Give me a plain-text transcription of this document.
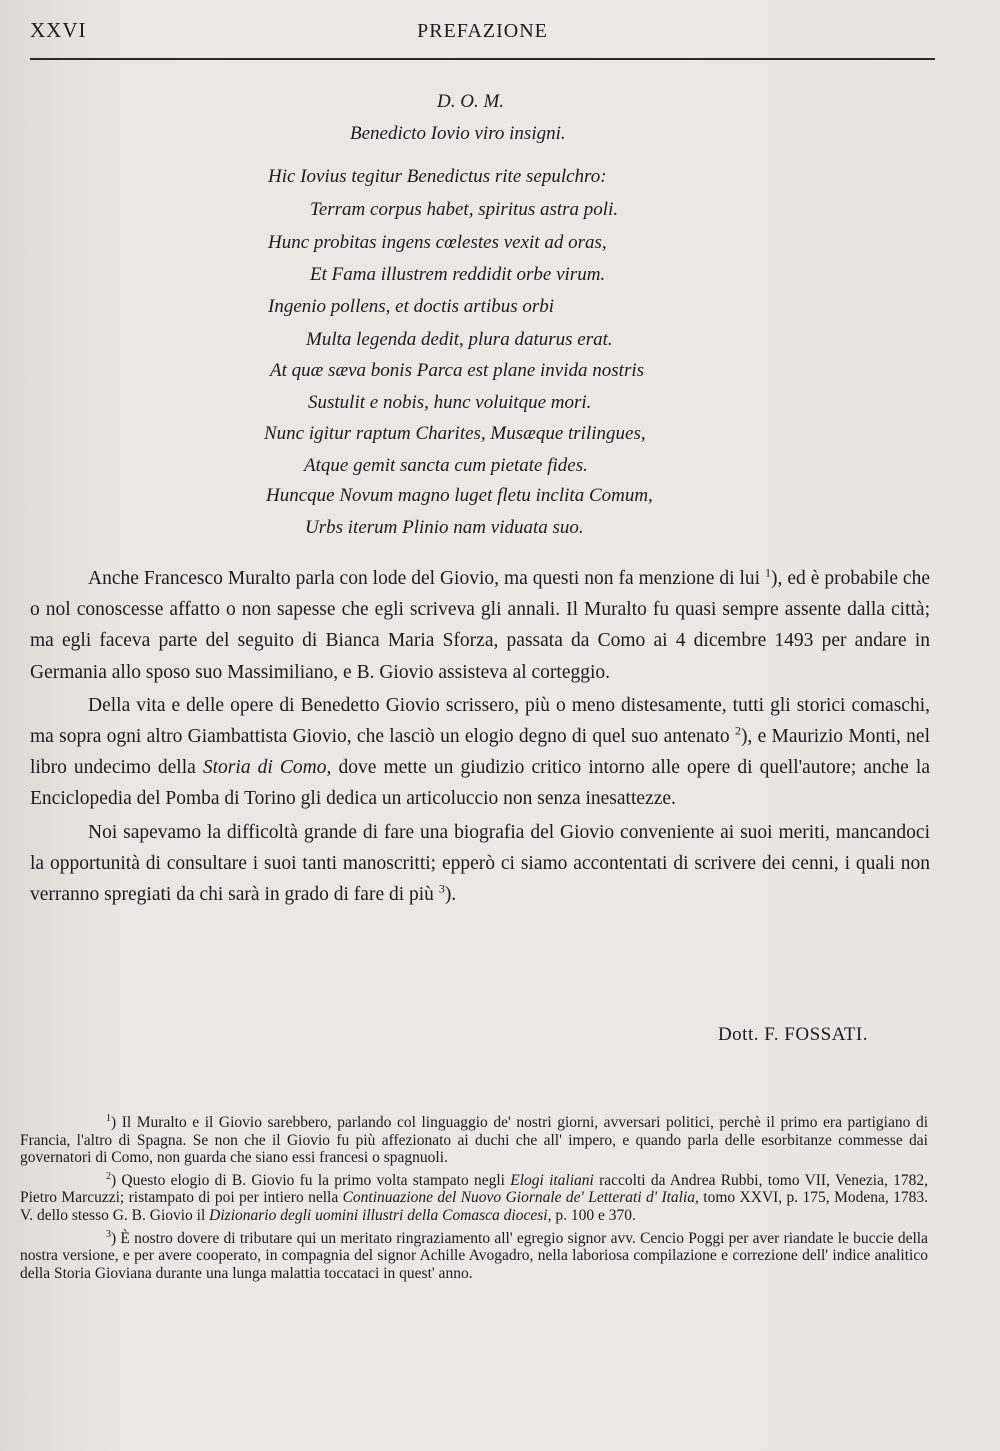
XXVI	PREFAZIONE
D. O. M.
Benedicto Iovio viro insigni.
Hic Iovius tegitur Benedictus rite sepulchro:
Terram corpus habet, spiritus astra poli.
Hunc probitas ingens cœlestes vexit ad oras,
Et Fama illustrem reddidit orbe virum.
Ingenio pollens, et doctis artibus orbi
Multa legenda dedit, plura daturus erat.
At quæ sæva bonis Parca est plane invida nostris
Sustulit e nobis, hunc voluitque mori.
Nunc igitur raptum Charites, Musæque trilingues,
Atque gemit sancta cum pietate fides.
Huncque Novum magno luget fletu inclita Comum,
Urbs iterum Plinio nam viduata suo.

Anche Francesco Muralto parla con lode del Giovio, ma questi non fa menzione di lui $^1$), ed è probabile che o nol conoscesse affatto o non sapesse che egli scriveva gli annali. Il Muralto fu quasi sempre assente dalla città; ma egli faceva parte del seguito di Bianca Maria Sforza, passata da Como ai 4 dicembre 1493 per andare in Germania allo sposo suo Massimiliano, e B. Giovio assisteva al corteggio.

Della vita e delle opere di Benedetto Giovio scrissero, più o meno distesamente, tutti gli storici comaschi, ma sopra ogni altro Giambattista Giovio, che lasciò un elogio degno di quel suo antenato $^2$), e Maurizio Monti, nel libro undecimo della Storia di Como, dove mette un giudizio critico intorno alle opere di quell'autore; anche la Enciclopedia del Pomba di Torino gli dedica un articoluccio non senza inesattezze.

Noi sapevamo la difficoltà grande di fare una biografia del Giovio conveniente ai suoi meriti, mancandoci la opportunità di consultare i suoi tanti manoscritti; epperò ci siamo accontentati di scrivere dei cenni, i quali non verranno spregiati da chi sarà in grado di fare di più $^3$).

Dott. F. FOSSATI.

$^1$) Il Muralto e il Giovio sarebbero, parlando col linguaggio de' nostri giorni, avversari politici, perchè il primo era partigiano di Francia, l'altro di Spagna. Se non che il Giovio fu più affezionato ai duchi che all' impero, e quando parla delle esorbitanze commesse dai governatori di Como, non guarda che siano essi francesi o spagnuoli.

$^2$) Questo elogio di B. Giovio fu la primo volta stampato negli Elogi italiani raccolti da Andrea Rubbi, tomo VII, Venezia, 1782, Pietro Marcuzzi; ristampato di poi per intiero nella Continuazione del Nuovo Giornale de' Letterati d' Italia, tomo XXVI, p. 175, Modena, 1783. V. dello stesso G. B. Giovio il Dizionario degli uomini illustri della Comasca diocesi, p. 100 e 370.

$^3$) È nostro dovere di tributare qui un meritato ringraziamento all' egregio signor avv. Cencio Poggi per aver riandate le buccie della nostra versione, e per avere cooperato, in compagnia del signor Achille Avogadro, nella laboriosa compilazione e correzione dell' indice analitico della Storia Gioviana durante una lunga malattia toccataci in quest' anno.
